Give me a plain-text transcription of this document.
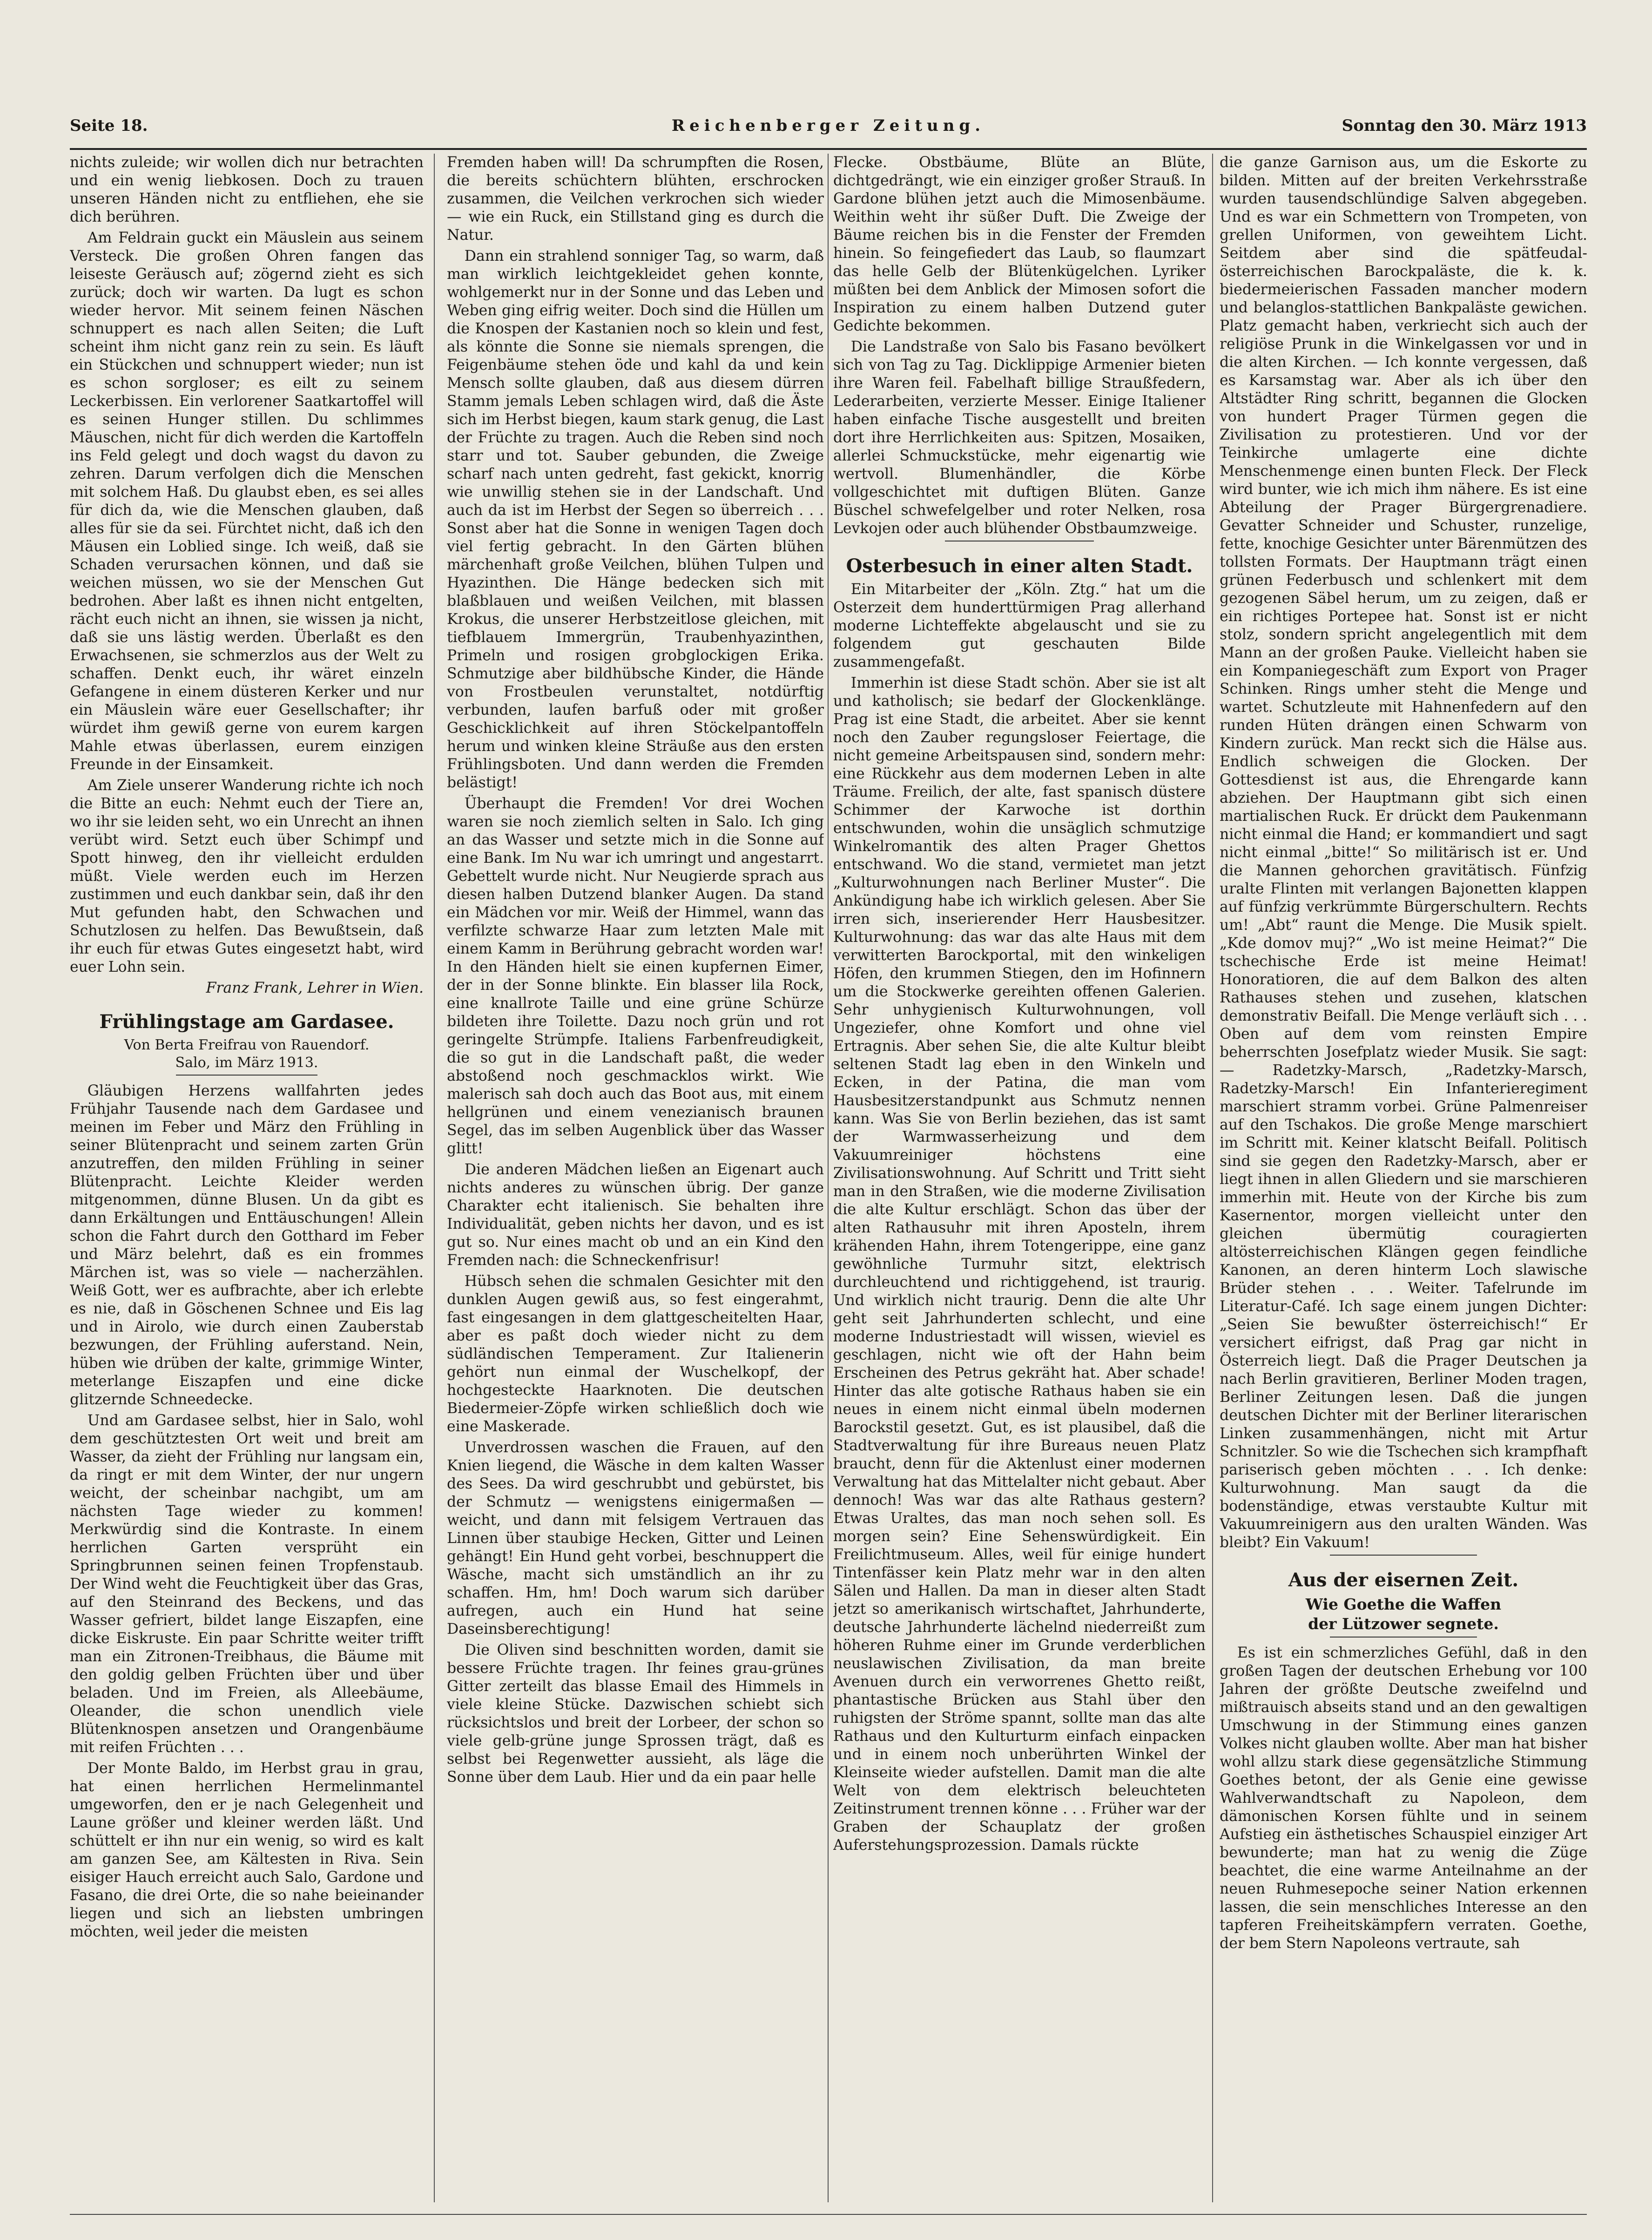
Seite 18.	Reichenberger Zeitung.	Sonntag den 30. März 1913

nichts zuleide; wir wollen dich nur betrachten und ein wenig liebkosen. Doch zu trauen unseren Händen nicht zu entfliehen, ehe sie dich berühren.

Am Feldrain guckt ein Mäuslein aus seinem Versteck. Die großen Ohren fangen das leiseste Geräusch auf; zögernd zieht es sich zurück; doch wir warten. Da lugt es schon wieder hervor. Mit seinem feinen Näschen schnuppert es nach allen Seiten; die Luft scheint ihm nicht ganz rein zu sein. Es läuft ein Stückchen und schnuppert wieder; nun ist es schon sorgloser; es eilt zu seinem Leckerbissen. Ein verlorener Saatkartoffel will es seinen Hunger stillen. Du schlimmes Mäuschen, nicht für dich werden die Kartoffeln ins Feld gelegt und doch wagst du davon zu zehren. Darum verfolgen dich die Menschen mit solchem Haß. Du glaubst eben, es sei alles für dich da, wie die Menschen glauben, daß alles für sie da sei. Fürchtet nicht, daß ich den Mäusen ein Loblied singe. Ich weiß, daß sie Schaden verursachen können, und daß sie weichen müssen, wo sie der Menschen Gut bedrohen. Aber laßt es ihnen nicht entgelten, rächt euch nicht an ihnen, sie wissen ja nicht, daß sie uns lästig werden. Überlaßt es den Erwachsenen, sie schmerzlos aus der Welt zu schaffen. Denkt euch, ihr wäret einzeln Gefangene in einem düsteren Kerker und nur ein Mäuslein wäre euer Gesellschafter; ihr würdet ihm gewiß gerne von eurem kargen Mahle etwas überlassen, eurem einzigen Freunde in der Einsamkeit.

Am Ziele unserer Wanderung richte ich noch die Bitte an euch: Nehmt euch der Tiere an, wo ihr sie leiden seht, wo ein Unrecht an ihnen verübt wird. Setzt euch über Schimpf und Spott hinweg, den ihr vielleicht erdulden müßt. Viele werden euch im Herzen zustimmen und euch dankbar sein, daß ihr den Mut gefunden habt, den Schwachen und Schutzlosen zu helfen. Das Bewußtsein, daß ihr euch für etwas Gutes eingesetzt habt, wird euer Lohn sein.

Franz Frank, Lehrer in Wien.

Frühlingstage am Gardasee.
Von Berta Freifrau von Rauendorf.
Salo, im März 1913.

Gläubigen Herzens wallfahrten jedes Frühjahr Tausende nach dem Gardasee und meinen im Feber und März den Frühling in seiner Blütenpracht und seinem zarten Grün anzutreffen, den milden Frühling in seiner Blütenpracht. Leichte Kleider werden mitgenommen, dünne Blusen. Un da gibt es dann Erkältungen und Enttäuschungen! Allein schon die Fahrt durch den Gotthard im Feber und März belehrt, daß es ein frommes Märchen ist, was so viele — nacherzählen. Weiß Gott, wer es aufbrachte, aber ich erlebte es nie, daß in Göschenen Schnee und Eis lag und in Airolo, wie durch einen Zauberstab bezwungen, der Frühling auferstand. Nein, hüben wie drüben der kalte, grimmige Winter, meterlange Eiszapfen und eine dicke glitzernde Schneedecke.

Und am Gardasee selbst, hier in Salo, wohl dem geschütztesten Ort weit und breit am Wasser, da zieht der Frühling nur langsam ein, da ringt er mit dem Winter, der nur ungern weicht, der scheinbar nachgibt, um am nächsten Tage wieder zu kommen! Merkwürdig sind die Kontraste. In einem herrlichen Garten versprüht ein Springbrunnen seinen feinen Tropfenstaub. Der Wind weht die Feuchtigkeit über das Gras, auf den Steinrand des Beckens, und das Wasser gefriert, bildet lange Eiszapfen, eine dicke Eiskruste. Ein paar Schritte weiter trifft man ein Zitronen-Treibhaus, die Bäume mit den goldig gelben Früchten über und über beladen. Und im Freien, als Alleebäume, Oleander, die schon unendlich viele Blütenknospen ansetzen und Orangenbäume mit reifen Früchten . . .

Der Monte Baldo, im Herbst grau in grau, hat einen herrlichen Hermelinmantel umgeworfen, den er je nach Gelegenheit und Laune größer und kleiner werden läßt. Und schüttelt er ihn nur ein wenig, so wird es kalt am ganzen See, am Kältesten in Riva. Sein eisiger Hauch erreicht auch Salo, Gardone und Fasano, die drei Orte, die so nahe beieinander liegen und sich an liebsten umbringen möchten, weil jeder die meisten

Fremden haben will! Da schrumpften die Rosen, die bereits schüchtern blühten, erschrocken zusammen, die Veilchen verkrochen sich wieder — wie ein Ruck, ein Stillstand ging es durch die Natur.

Dann ein strahlend sonniger Tag, so warm, daß man wirklich leichtgekleidet gehen konnte, wohlgemerkt nur in der Sonne und das Leben und Weben ging eifrig weiter. Doch sind die Hüllen um die Knospen der Kastanien noch so klein und fest, als könnte die Sonne sie niemals sprengen, die Feigenbäume stehen öde und kahl da und kein Mensch sollte glauben, daß aus diesem dürren Stamm jemals Leben schlagen wird, daß die Äste sich im Herbst biegen, kaum stark genug, die Last der Früchte zu tragen. Auch die Reben sind noch starr und tot. Sauber gebunden, die Zweige scharf nach unten gedreht, fast gekickt, knorrig wie unwillig stehen sie in der Landschaft. Und auch da ist im Herbst der Segen so überreich . . . Sonst aber hat die Sonne in wenigen Tagen doch viel fertig gebracht. In den Gärten blühen märchenhaft große Veilchen, blühen Tulpen und Hyazinthen. Die Hänge bedecken sich mit blaßblauen und weißen Veilchen, mit blassen Krokus, die unserer Herbstzeitlose gleichen, mit tiefblauem Immergrün, Traubenhyazinthen, Primeln und rosigen grobglockigen Erika. Schmutzige aber bildhübsche Kinder, die Hände von Frostbeulen verunstaltet, notdürftig verbunden, laufen barfuß oder mit großer Geschicklichkeit auf ihren Stöckelpantoffeln herum und winken kleine Sträuße aus den ersten Frühlingsboten. Und dann werden die Fremden belästigt!

Überhaupt die Fremden! Vor drei Wochen waren sie noch ziemlich selten in Salo. Ich ging an das Wasser und setzte mich in die Sonne auf eine Bank. Im Nu war ich umringt und angestarrt. Gebettelt wurde nicht. Nur Neugierde sprach aus diesen halben Dutzend blanker Augen. Da stand ein Mädchen vor mir. Weiß der Himmel, wann das verfilzte schwarze Haar zum letzten Male mit einem Kamm in Berührung gebracht worden war! In den Händen hielt sie einen kupfernen Eimer, der in der Sonne blinkte. Ein blasser lila Rock, eine knallrote Taille und eine grüne Schürze bildeten ihre Toilette. Dazu noch grün und rot geringelte Strümpfe. Italiens Farbenfreudigkeit, die so gut in die Landschaft paßt, die weder abstoßend noch geschmacklos wirkt. Wie malerisch sah doch auch das Boot aus, mit einem hellgrünen und einem venezianisch braunen Segel, das im selben Augenblick über das Wasser glitt!

Die anderen Mädchen ließen an Eigenart auch nichts anderes zu wünschen übrig. Der ganze Charakter echt italienisch. Sie behalten ihre Individualität, geben nichts her davon, und es ist gut so. Nur eines macht ob und an ein Kind den Fremden nach: die Schneckenfrisur!

Hübsch sehen die schmalen Gesichter mit den dunklen Augen gewiß aus, so fest eingerahmt, fast eingesangen in dem glattgescheitelten Haar, aber es paßt doch wieder nicht zu dem südländischen Temperament. Zur Italienerin gehört nun einmal der Wuschelkopf, der hochgesteckte Haarknoten. Die deutschen Biedermeier-Zöpfe wirken schließlich doch wie eine Maskerade.

Unverdrossen waschen die Frauen, auf den Knien liegend, die Wäsche in dem kalten Wasser des Sees. Da wird geschrubbt und gebürstet, bis der Schmutz — wenigstens einigermaßen — weicht, und dann mit felsigem Vertrauen das Linnen über staubige Hecken, Gitter und Leinen gehängt! Ein Hund geht vorbei, beschnuppert die Wäsche, macht sich umständlich an ihr zu schaffen. Hm, hm! Doch warum sich darüber aufregen, auch ein Hund hat seine Daseinsberechtigung!

Die Oliven sind beschnitten worden, damit sie bessere Früchte tragen. Ihr feines grau-grünes Gitter zerteilt das blasse Email des Himmels in viele kleine Stücke. Dazwischen schiebt sich rücksichtslos und breit der Lorbeer, der schon so viele gelb-grüne junge Sprossen trägt, daß es selbst bei Regenwetter aussieht, als läge die Sonne über dem Laub. Hier und da ein paar helle

Flecke. Obstbäume, Blüte an Blüte, dichtgedrängt, wie ein einziger großer Strauß. In Gardone blühen jetzt auch die Mimosenbäume. Weithin weht ihr süßer Duft. Die Zweige der Bäume reichen bis in die Fenster der Fremden hinein. So feingefiedert das Laub, so flaumzart das helle Gelb der Blütenkügelchen. Lyriker müßten bei dem Anblick der Mimosen sofort die Inspiration zu einem halben Dutzend guter Gedichte bekommen.

Die Landstraße von Salo bis Fasano bevölkert sich von Tag zu Tag. Dicklippige Armenier bieten ihre Waren feil. Fabelhaft billige Straußfedern, Lederarbeiten, verzierte Messer. Einige Italiener haben einfache Tische ausgestellt und breiten dort ihre Herrlichkeiten aus: Spitzen, Mosaiken, allerlei Schmuckstücke, mehr eigenartig wie wertvoll. Blumenhändler, die Körbe vollgeschichtet mit duftigen Blüten. Ganze Büschel schwefelgelber und roter Nelken, rosa Levkojen oder auch blühender Obstbaumzweige.

Osterbesuch in einer alten Stadt.

Ein Mitarbeiter der „Köln. Ztg.“ hat um die Osterzeit dem hunderttürmigen Prag allerhand moderne Lichteffekte abgelauscht und sie zu folgendem gut geschauten Bilde zusammengefaßt.

Immerhin ist diese Stadt schön. Aber sie ist alt und katholisch; sie bedarf der Glockenklänge. Prag ist eine Stadt, die arbeitet. Aber sie kennt noch den Zauber regungsloser Feiertage, die nicht gemeine Arbeitspausen sind, sondern mehr: eine Rückkehr aus dem modernen Leben in alte Träume. Freilich, der alte, fast spanisch düstere Schimmer der Karwoche ist dorthin entschwunden, wohin die unsäglich schmutzige Winkelromantik des alten Prager Ghettos entschwand. Wo die stand, vermietet man jetzt „Kulturwohnungen nach Berliner Muster“. Die Ankündigung habe ich wirklich gelesen. Aber Sie irren sich, inserierender Herr Hausbesitzer. Kulturwohnung: das war das alte Haus mit dem verwitterten Barockportal, mit den winkeligen Höfen, den krummen Stiegen, den im Hofinnern um die Stockwerke gereihten offenen Galerien. Sehr unhygienisch Kulturwohnungen, voll Ungeziefer, ohne Komfort und ohne viel Ertragnis. Aber sehen Sie, die alte Kultur bleibt seltenen Stadt lag eben in den Winkeln und Ecken, in der Patina, die man vom Hausbesitzerstandpunkt aus Schmutz nennen kann. Was Sie von Berlin beziehen, das ist samt der Warmwasserheizung und dem Vakuumreiniger höchstens eine Zivilisationswohnung. Auf Schritt und Tritt sieht man in den Straßen, wie die moderne Zivilisation die alte Kultur erschlägt. Schon das über der alten Rathausuhr mit ihren Aposteln, ihrem krähenden Hahn, ihrem Totengerippe, eine ganz gewöhnliche Turmuhr sitzt, elektrisch durchleuchtend und richtiggehend, ist traurig. Und wirklich nicht traurig. Denn die alte Uhr geht seit Jahrhunderten schlecht, und eine moderne Industriestadt will wissen, wieviel es geschlagen, nicht wie oft der Hahn beim Erscheinen des Petrus gekräht hat. Aber schade! Hinter das alte gotische Rathaus haben sie ein neues in einem nicht einmal übeln modernen Barockstil gesetzt. Gut, es ist plausibel, daß die Stadtverwaltung für ihre Bureaus neuen Platz braucht, denn für die Aktenlust einer modernen Verwaltung hat das Mittelalter nicht gebaut. Aber dennoch! Was war das alte Rathaus gestern? Etwas Uraltes, das man noch sehen soll. Es morgen sein? Eine Sehenswürdigkeit. Ein Freilichtmuseum. Alles, weil für einige hundert Tintenfässer kein Platz mehr war in den alten Sälen und Hallen. Da man in dieser alten Stadt jetzt so amerikanisch wirtschaftet, Jahrhunderte, deutsche Jahrhunderte lächelnd niederreißt zum höheren Ruhme einer im Grunde verderblichen neuslawischen Zivilisation, da man breite Avenuen durch ein verworrenes Ghetto reißt, phantastische Brücken aus Stahl über den ruhigsten der Ströme spannt, sollte man das alte Rathaus und den Kulturturm einfach einpacken und in einem noch unberührten Winkel der Kleinseite wieder aufstellen. Damit man die alte Welt von dem elektrisch beleuchteten Zeitinstrument trennen könne . . . Früher war der Graben der Schauplatz der großen Auferstehungsprozession. Damals rückte

die ganze Garnison aus, um die Eskorte zu bilden. Mitten auf der breiten Verkehrsstraße wurden tausendschlündige Salven abgegeben. Und es war ein Schmettern von Trompeten, von grellen Uniformen, von geweihtem Licht. Seitdem aber sind die spätfeudal-österreichischen Barockpaläste, die k. k. biedermeierischen Fassaden mancher modern und belanglos-stattlichen Bankpaläste gewichen. Platz gemacht haben, verkriecht sich auch der religiöse Prunk in die Winkelgassen vor und in die alten Kirchen. — Ich konnte vergessen, daß es Karsamstag war. Aber als ich über den Altstädter Ring schritt, begannen die Glocken von hundert Prager Türmen gegen die Zivilisation zu protestieren. Und vor der Teinkirche umlagerte eine dichte Menschenmenge einen bunten Fleck. Der Fleck wird bunter, wie ich mich ihm nähere. Es ist eine Abteilung der Prager Bürgergrenadiere. Gevatter Schneider und Schuster, runzelige, fette, knochige Gesichter unter Bärenmützen des tollsten Formats. Der Hauptmann trägt einen grünen Federbusch und schlenkert mit dem gezogenen Säbel herum, um zu zeigen, daß er ein richtiges Portepee hat. Sonst ist er nicht stolz, sondern spricht angelegentlich mit dem Mann an der großen Pauke. Vielleicht haben sie ein Kompaniegeschäft zum Export von Prager Schinken. Rings umher steht die Menge und wartet. Schutzleute mit Hahnenfedern auf den runden Hüten drängen einen Schwarm von Kindern zurück. Man reckt sich die Hälse aus. Endlich schweigen die Glocken. Der Gottesdienst ist aus, die Ehrengarde kann abziehen. Der Hauptmann gibt sich einen martialischen Ruck. Er drückt dem Paukenmann nicht einmal die Hand; er kommandiert und sagt nicht einmal „bitte!“ So militärisch ist er. Und die Mannen gehorchen gravitätisch. Fünfzig uralte Flinten mit verlangen Bajonetten klappen auf fünfzig verkrümmte Bürgerschultern. Rechts um! „Abt“ raunt die Menge. Die Musik spielt. „Kde domov muj?“ „Wo ist meine Heimat?“ Die tschechische Erde ist meine Heimat! Honoratioren, die auf dem Balkon des alten Rathauses stehen und zusehen, klatschen demonstrativ Beifall. Die Menge verläuft sich . . . Oben auf dem vom reinsten Empire beherrschten Josefplatz wieder Musik. Sie sagt: — Radetzky-Marsch, „Radetzky-Marsch, Radetzky-Marsch! Ein Infanterieregiment marschiert stramm vorbei. Grüne Palmenreiser auf den Tschakos. Die große Menge marschiert im Schritt mit. Keiner klatscht Beifall. Politisch sind sie gegen den Radetzky-Marsch, aber er liegt ihnen in allen Gliedern und sie marschieren immerhin mit. Heute von der Kirche bis zum Kasernentor, morgen vielleicht unter den gleichen übermütig couragierten altösterreichischen Klängen gegen feindliche Kanonen, an deren hinterm Loch slawische Brüder stehen . . . Weiter. Tafelrunde im Literatur-Café. Ich sage einem jungen Dichter: „Seien Sie bewußter österreichisch!“ Er versichert eifrigst, daß Prag gar nicht in Österreich liegt. Daß die Prager Deutschen ja nach Berlin gravitieren, Berliner Moden tragen, Berliner Zeitungen lesen. Daß die jungen deutschen Dichter mit der Berliner literarischen Linken zusammenhängen, nicht mit Artur Schnitzler. So wie die Tschechen sich krampfhaft pariserisch geben möchten . . . Ich denke: Kulturwohnung. Man saugt da die bodenständige, etwas verstaubte Kultur mit Vakuumreinigern aus den uralten Wänden. Was bleibt? Ein Vakuum!

Aus der eisernen Zeit.
Wie Goethe die Waffen
der Lützower segnete.

Es ist ein schmerzliches Gefühl, daß in den großen Tagen der deutschen Erhebung vor 100 Jahren der größte Deutsche zweifelnd und mißtrauisch abseits stand und an den gewaltigen Umschwung in der Stimmung eines ganzen Volkes nicht glauben wollte. Aber man hat bisher wohl allzu stark diese gegensätzliche Stimmung Goethes betont, der als Genie eine gewisse Wahlverwandtschaft zu Napoleon, dem dämonischen Korsen fühlte und in seinem Aufstieg ein ästhetisches Schauspiel einziger Art bewunderte; man hat zu wenig die Züge beachtet, die eine warme Anteilnahme an der neuen Ruhmesepoche seiner Nation erkennen lassen, die sein menschliches Interesse an den tapferen Freiheitskämpfern verraten. Goethe, der bem Stern Napoleons vertraute, sah
